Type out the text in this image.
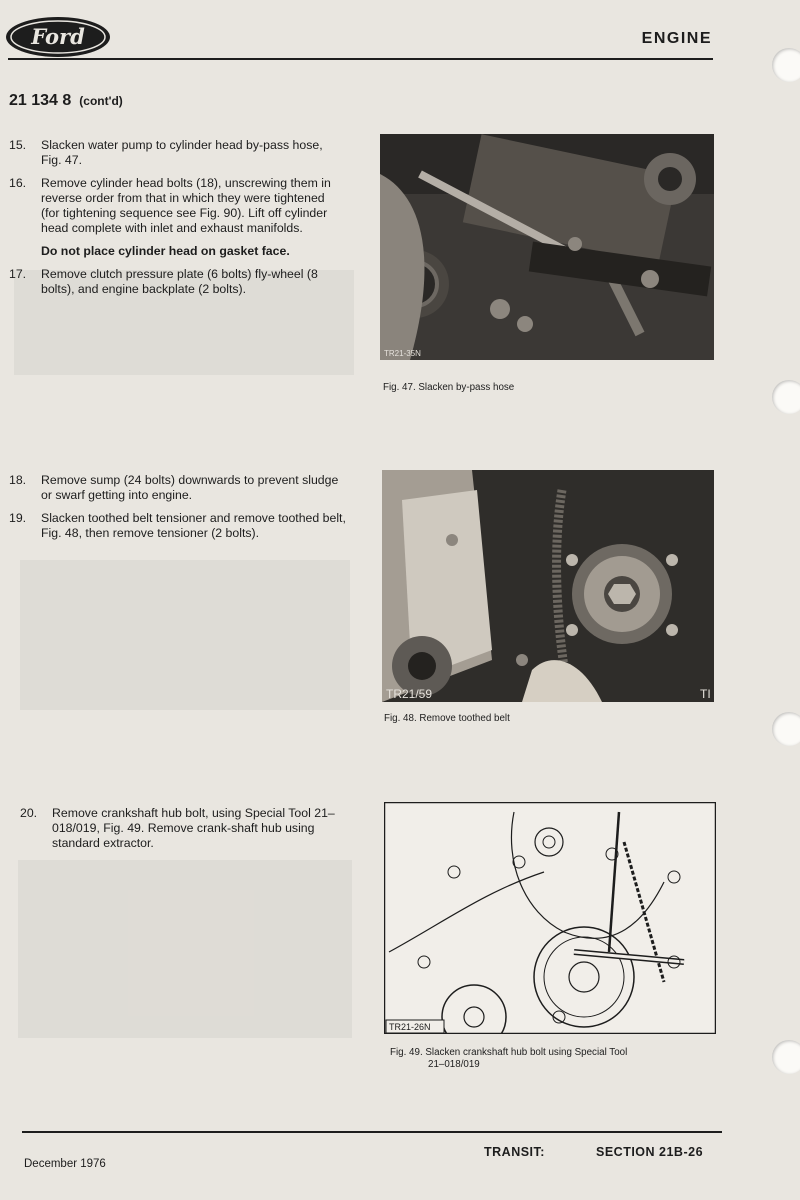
Ford	ENGINE
21 134 8 (cont'd)
15. Slacken water pump to cylinder head by-pass hose, Fig. 47.
16. Remove cylinder head bolts (18), unscrewing them in reverse order from that in which they were tightened (for tightening sequence see Fig. 90). Lift off cylinder head complete with inlet and exhaust manifolds.
Do not place cylinder head on gasket face.
17. Remove clutch pressure plate (6 bolts) fly-wheel (8 bolts), and engine backplate (2 bolts).
18. Remove sump (24 bolts) downwards to prevent sludge or swarf getting into engine.
19. Slacken toothed belt tensioner and remove toothed belt, Fig. 48, then remove tensioner (2 bolts).
20. Remove crankshaft hub bolt, using Special Tool 21–018/019, Fig. 49. Remove crank-shaft hub using standard extractor.
TR21-35N
Fig. 47. Slacken by-pass hose
TR21/59	TI
Fig. 48. Remove toothed belt
TR21-26N
Fig. 49. Slacken crankshaft hub bolt using Special Tool
21–018/019
December 1976
TRANSIT:	SECTION 21B-26
